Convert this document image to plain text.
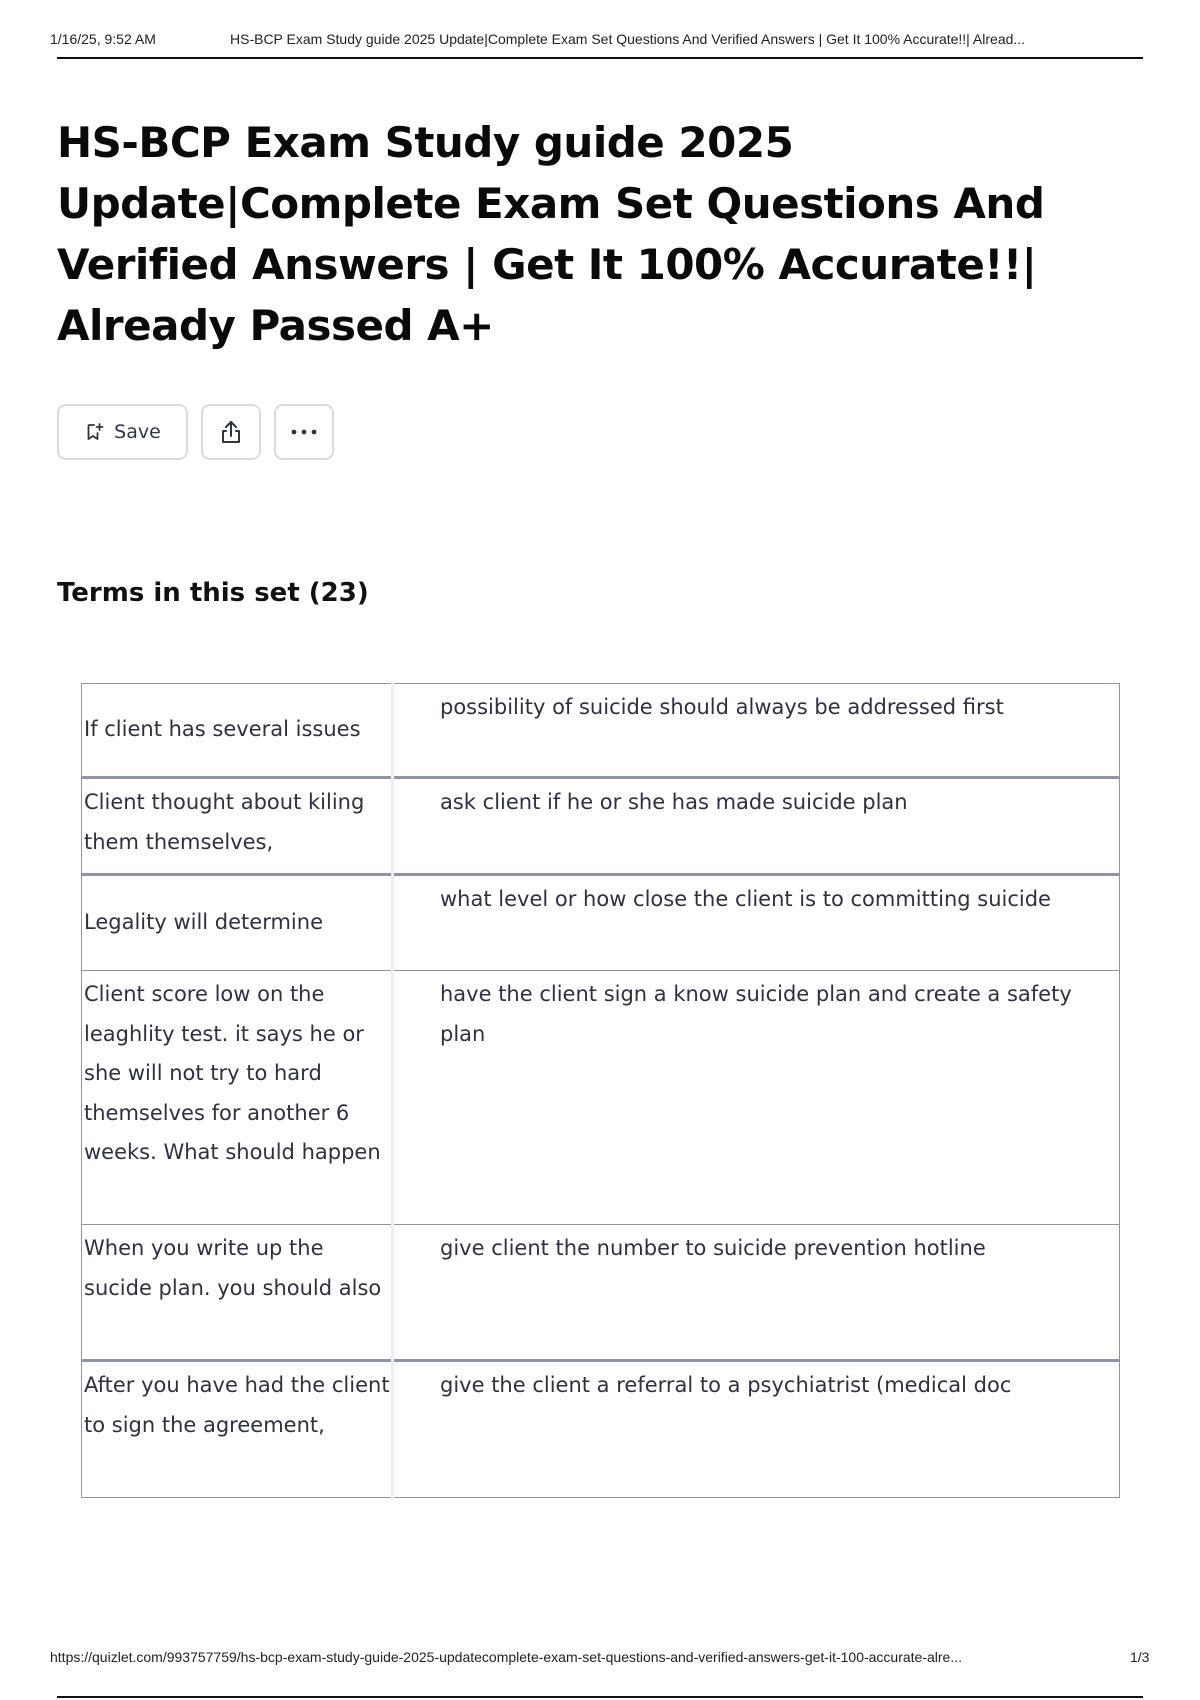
1/16/25, 9:52 AM	HS-BCP Exam Study guide 2025 Update|Complete Exam Set Questions And Verified Answers | Get It 100% Accurate!!| Alread...
HS-BCP Exam Study guide 2025 Update|Complete Exam Set Questions And Verified Answers | Get It 100% Accurate!!| Already Passed A+
Save
Terms in this set (23)
If client has several issues	possibility of suicide should always be addressed first
Client thought about kiling them themselves,	ask client if he or she has made suicide plan
Legality will determine	what level or how close the client is to committing suicide
Client score low on the leaghlity test. it says he or she will not try to hard themselves for another 6 weeks. What should happen	have the client sign a know suicide plan and create a safety plan
When you write up the sucide plan. you should also	give client the number to suicide prevention hotline
After you have had the client to sign the agreement,	give the client a referral to a psychiatrist (medical doc
https://quizlet.com/993757759/hs-bcp-exam-study-guide-2025-updatecomplete-exam-set-questions-and-verified-answers-get-it-100-accurate-alre...	1/3
